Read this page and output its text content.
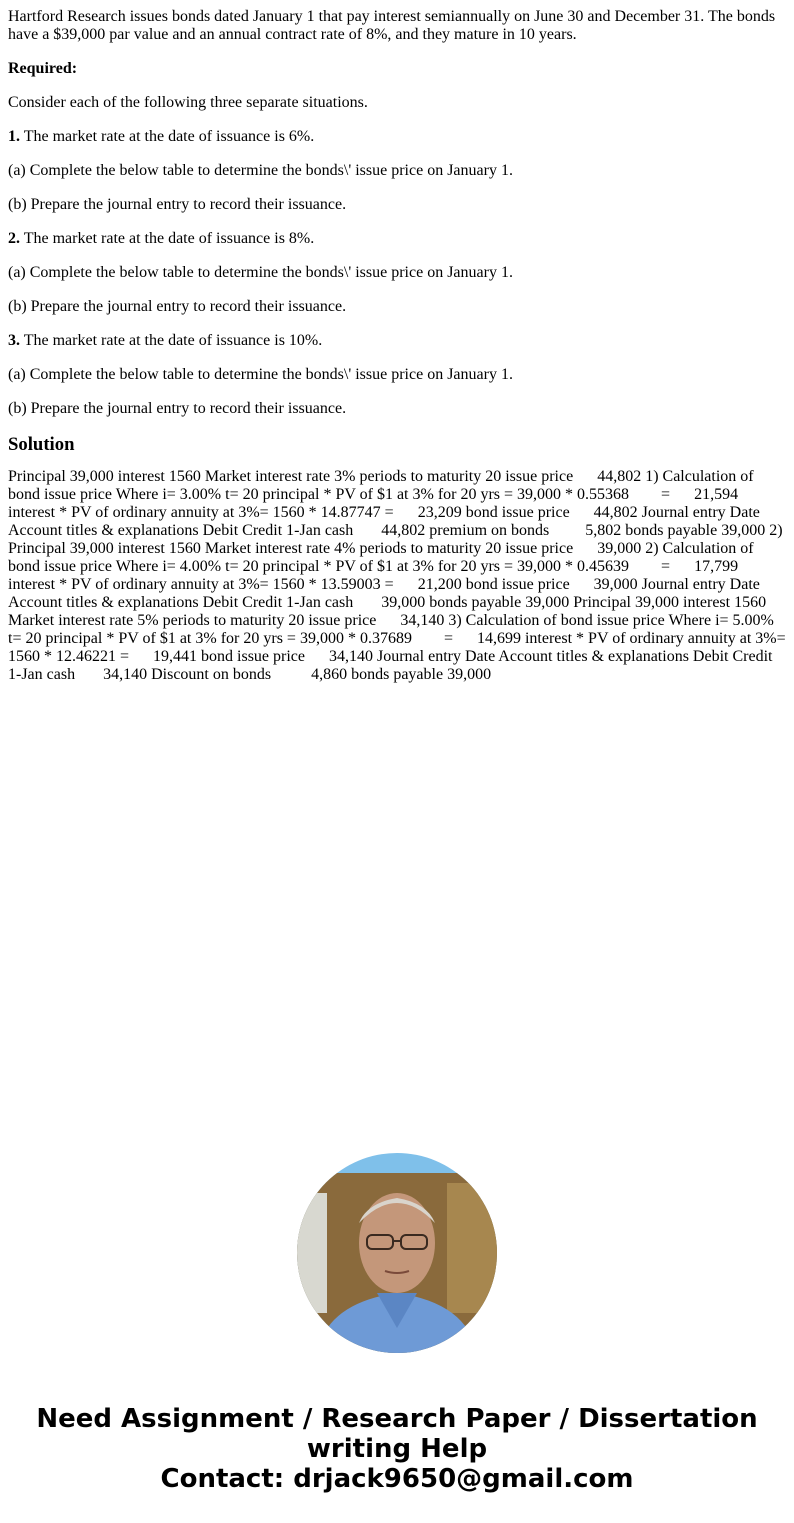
Hartford Research issues bonds dated January 1 that pay interest semiannually on June 30 and December 31. The bonds have a $39,000 par value and an annual contract rate of 8%, and they mature in 10 years.

Required:

Consider each of the following three separate situations.

1. The market rate at the date of issuance is 6%.

(a) Complete the below table to determine the bonds\' issue price on January 1.

(b) Prepare the journal entry to record their issuance.

2. The market rate at the date of issuance is 8%.

(a) Complete the below table to determine the bonds\' issue price on January 1.

(b) Prepare the journal entry to record their issuance.

3. The market rate at the date of issuance is 10%.

(a) Complete the below table to determine the bonds\' issue price on January 1.

(b) Prepare the journal entry to record their issuance.

Solution

Principal 39,000 interest 1560 Market interest rate 3% periods to maturity 20 issue price      44,802 1) Calculation of bond issue price Where i= 3.00% t= 20 principal * PV of $1 at 3% for 20 yrs = 39,000 * 0.55368        =      21,594 interest * PV of ordinary annuity at 3%= 1560 * 14.87747 =      23,209 bond issue price      44,802 Journal entry Date Account titles & explanations Debit Credit 1-Jan cash       44,802 premium on bonds         5,802 bonds payable 39,000 2) Principal 39,000 interest 1560 Market interest rate 4% periods to maturity 20 issue price      39,000 2) Calculation of bond issue price Where i= 4.00% t= 20 principal * PV of $1 at 3% for 20 yrs = 39,000 * 0.45639        =      17,799 interest * PV of ordinary annuity at 3%= 1560 * 13.59003 =      21,200 bond issue price      39,000 Journal entry Date Account titles & explanations Debit Credit 1-Jan cash       39,000 bonds payable 39,000 Principal 39,000 interest 1560 Market interest rate 5% periods to maturity 20 issue price      34,140 3) Calculation of bond issue price Where i= 5.00% t= 20 principal * PV of $1 at 3% for 20 yrs = 39,000 * 0.37689        =      14,699 interest * PV of ordinary annuity at 3%= 1560 * 12.46221 =      19,441 bond issue price      34,140 Journal entry Date Account titles & explanations Debit Credit 1-Jan cash       34,140 Discount on bonds          4,860 bonds payable 39,000

Need Assignment / Research Paper / Dissertation
writing Help
Contact: drjack9650@gmail.com
